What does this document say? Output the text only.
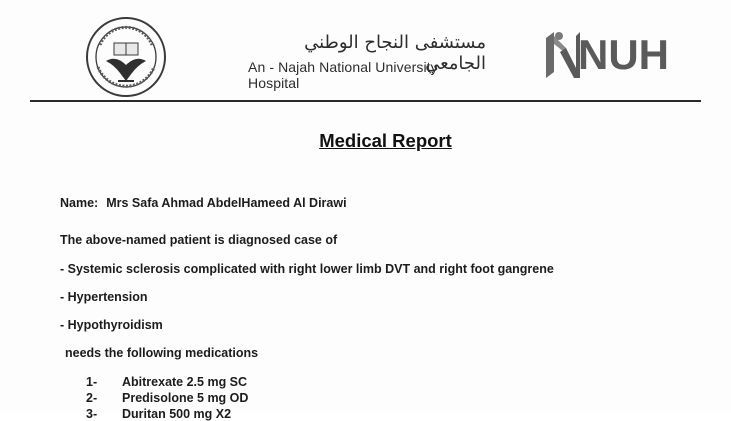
مستشفى النجاح الوطني الجامعي
An - Najah National University Hospital
NUH
Medical Report
Name: Mrs Safa Ahmad AbdelHameed Al Dirawi
The above-named patient is diagnosed case of
- Systemic sclerosis complicated with right lower limb DVT and right foot gangrene
- Hypertension
- Hypothyroidism
needs the following medications
1- Abitrexate 2.5 mg SC
2- Predisolone 5 mg OD
3- Duritan 500 mg X2
